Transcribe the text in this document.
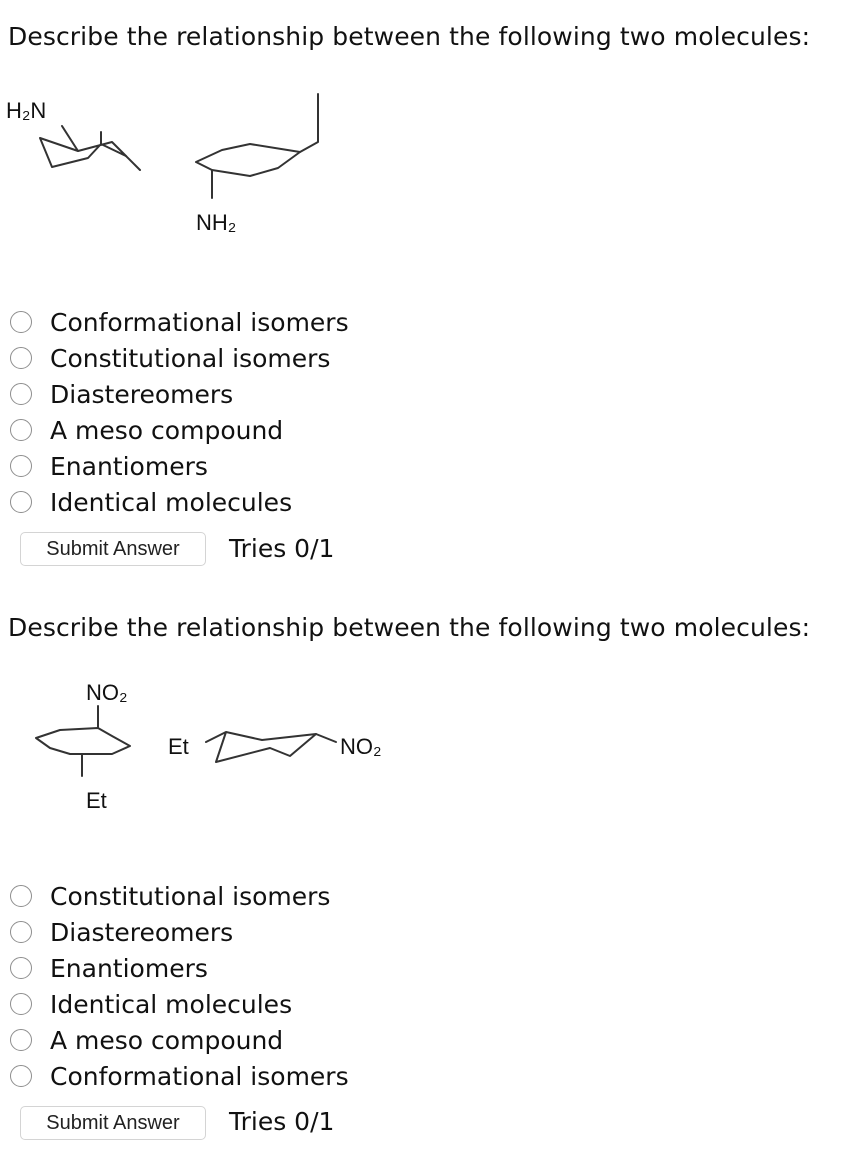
Describe the relationship between the following two molecules:
H₂N
NH₂
Conformational isomers
Constitutional isomers
Diastereomers
A meso compound
Enantiomers
Identical molecules
Submit Answer	Tries 0/1
Describe the relationship between the following two molecules:
NO₂
Et
Et	NO₂
Constitutional isomers
Diastereomers
Enantiomers
Identical molecules
A meso compound
Conformational isomers
Submit Answer	Tries 0/1
